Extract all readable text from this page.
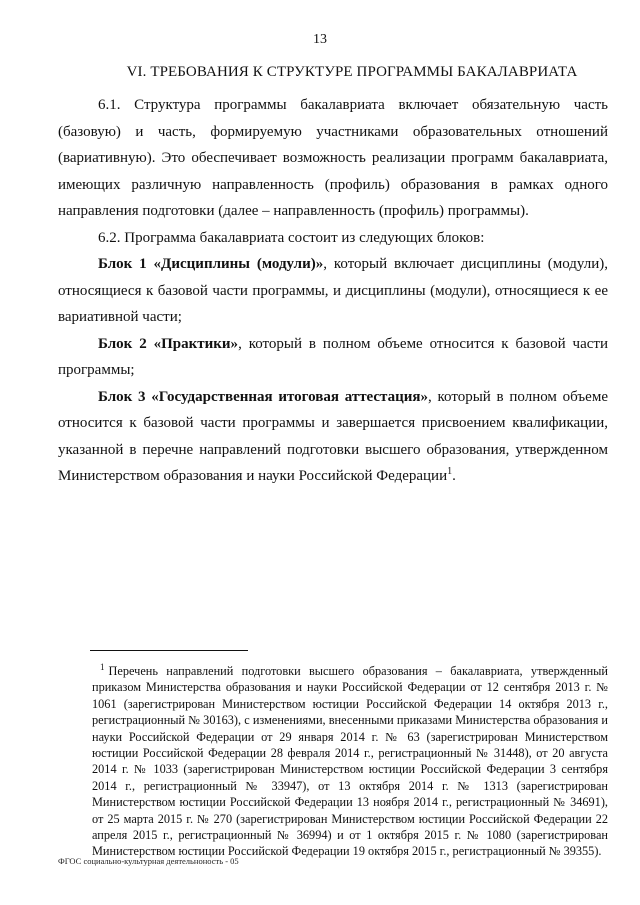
13
VI. ТРЕБОВАНИЯ К СТРУКТУРЕ ПРОГРАММЫ БАКАЛАВРИАТА

6.1. Структура программы бакалавриата включает обязательную часть (базовую) и часть, формируемую участниками образовательных отношений (вариативную). Это обеспечивает возможность реализации программ бакалавриата, имеющих различную направленность (профиль) образования в рамках одного направления подготовки (далее – направленность (профиль) программы).

6.2. Программа бакалавриата состоит из следующих блоков:

Блок 1 «Дисциплины (модули)», который включает дисциплины (модули), относящиеся к базовой части программы, и дисциплины (модули), относящиеся к ее вариативной части;

Блок 2 «Практики», который в полном объеме относится к базовой части программы;

Блок 3 «Государственная итоговая аттестация», который в полном объеме относится к базовой части программы и завершается присвоением квалификации, указанной в перечне направлений подготовки высшего образования, утвержденном Министерством образования и науки Российской Федерации$^1$.

$^1$ Перечень направлений подготовки высшего образования – бакалавриата, утвержденный приказом Министерства образования и науки Российской Федерации от 12 сентября 2013 г. № 1061 (зарегистрирован Министерством юстиции Российской Федерации 14 октября 2013 г., регистрационный № 30163), с изменениями, внесенными приказами Министерства образования и науки Российской Федерации от 29 января 2014 г. № 63 (зарегистрирован Министерством юстиции Российской Федерации 28 февраля 2014 г., регистрационный № 31448), от 20 августа 2014 г. № 1033 (зарегистрирован Министерством юстиции Российской Федерации 3 сентября 2014 г., регистрационный № 33947), от 13 октября 2014 г. № 1313 (зарегистрирован Министерством юстиции Российской Федерации 13 ноября 2014 г., регистрационный № 34691), от 25 марта 2015 г. № 270 (зарегистрирован Министерством юстиции Российской Федерации 22 апреля 2015 г., регистрационный № 36994) и от 1 октября 2015 г. № 1080 (зарегистрирован Министерством юстиции Российской Федерации 19 октября 2015 г., регистрационный № 39355).

ФГОС социально-культурная деятельноность - 05
